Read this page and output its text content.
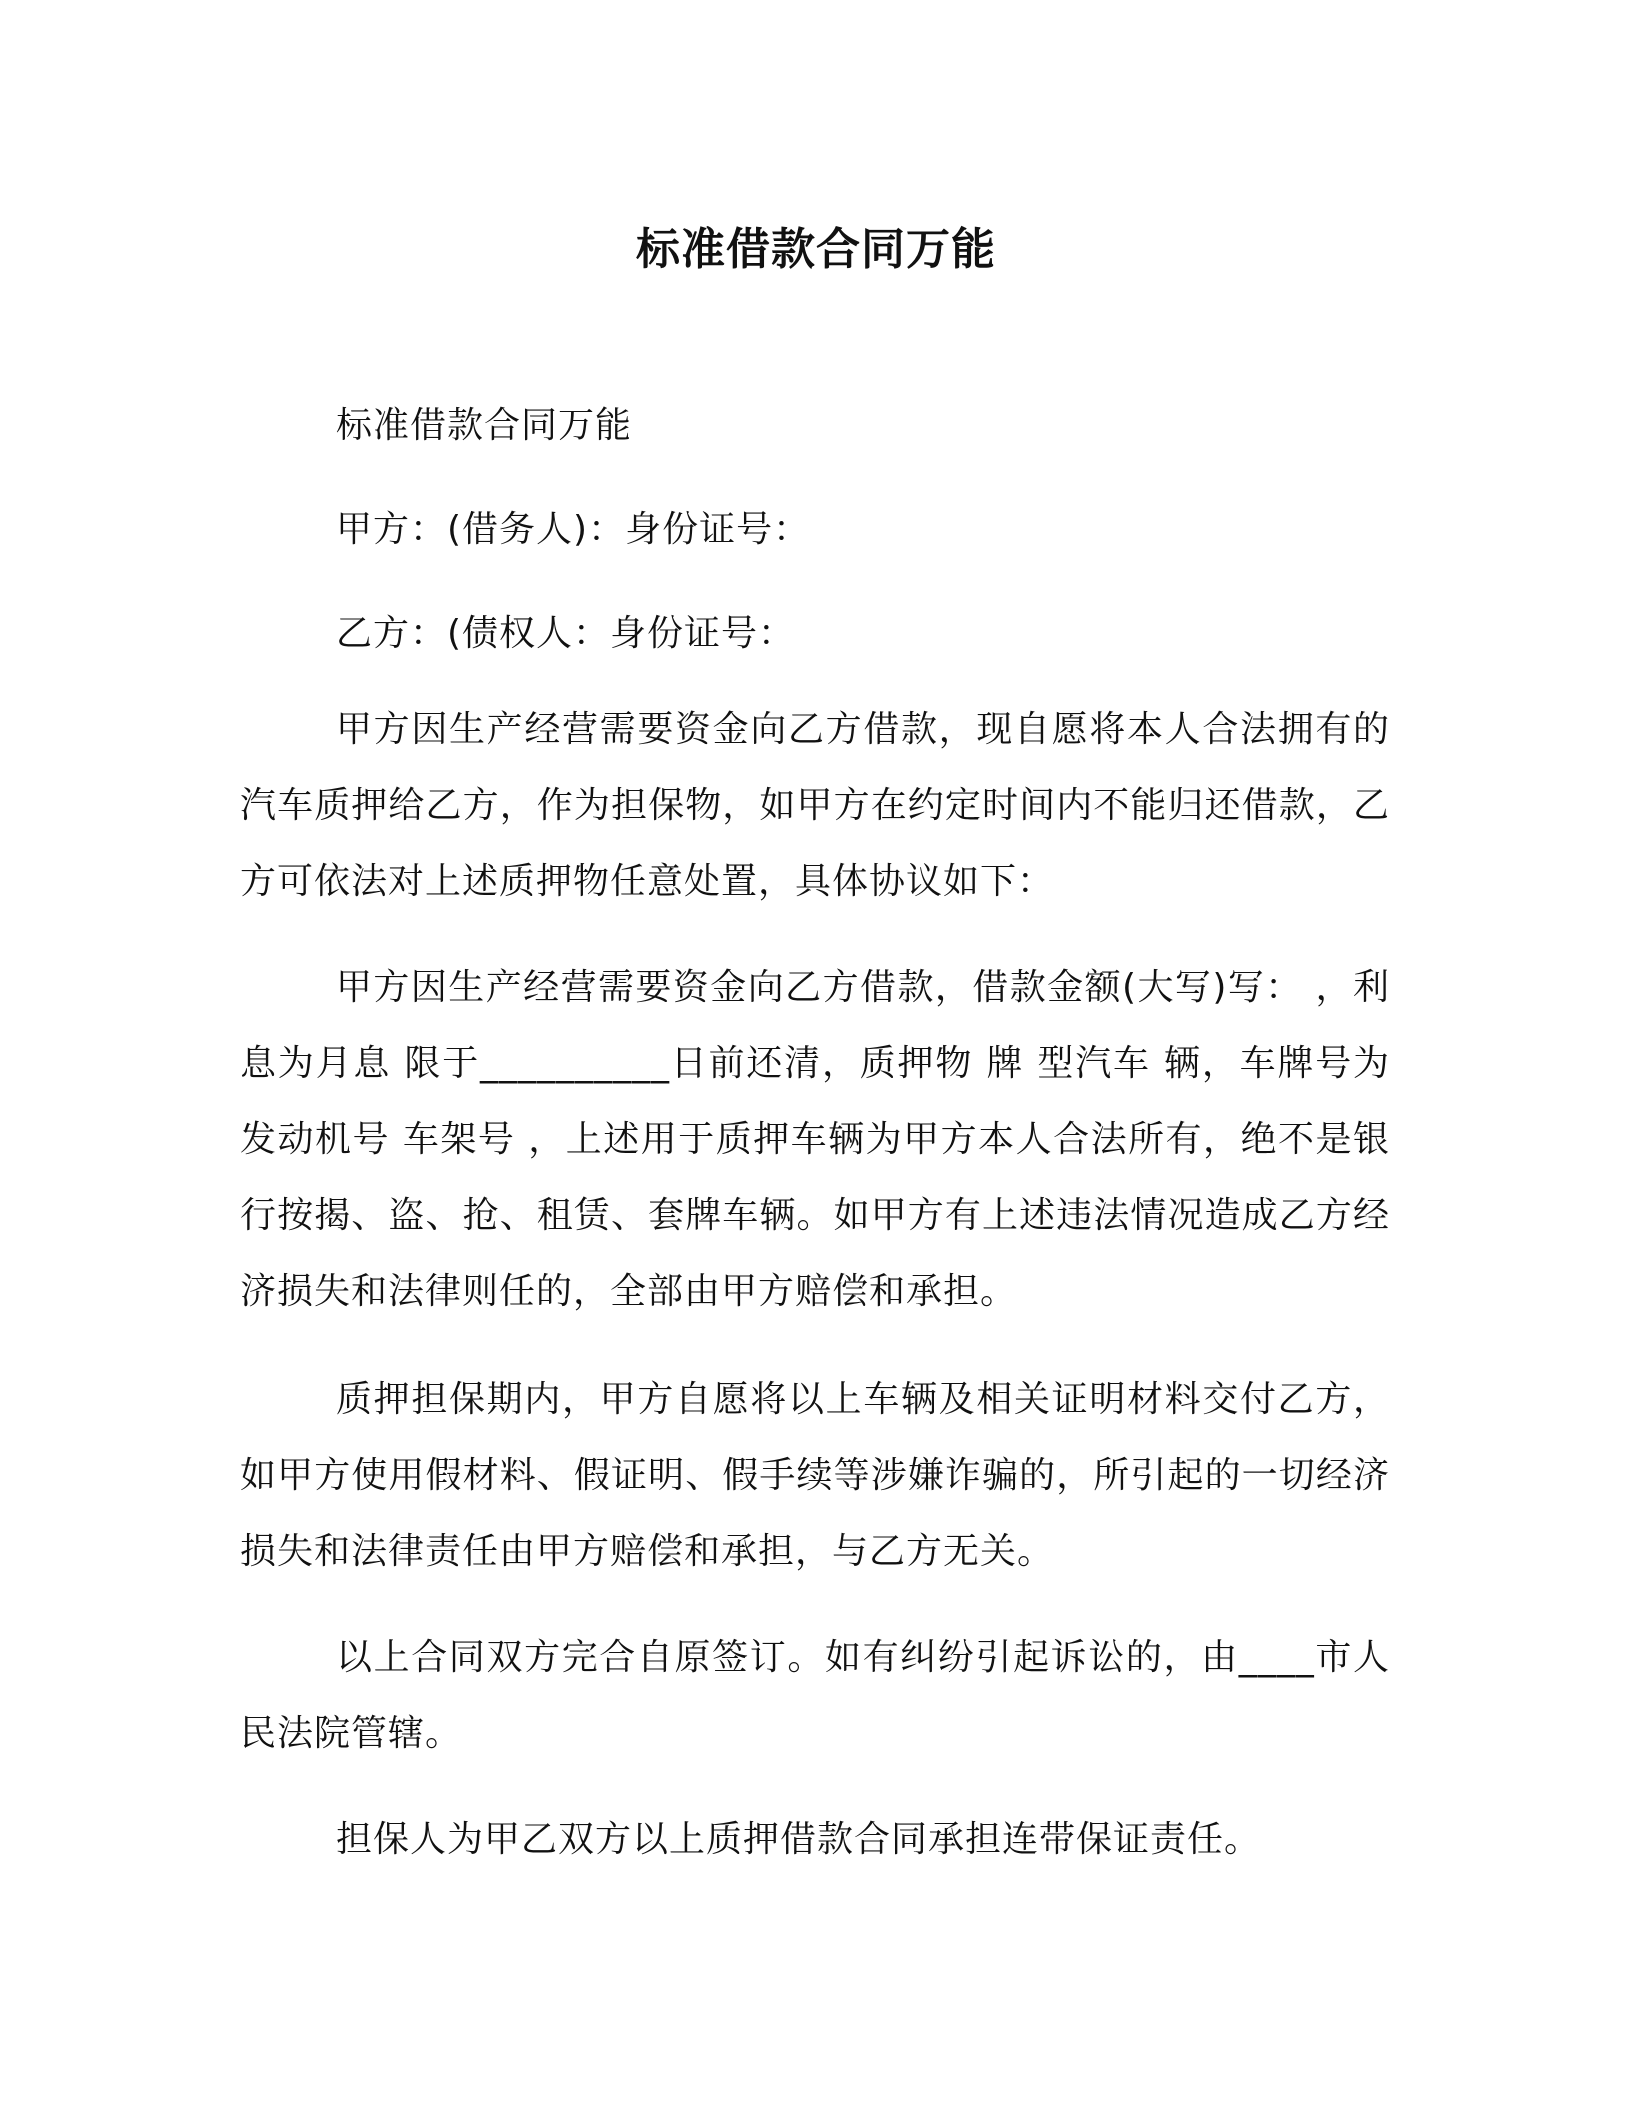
标准借款合同万能

标准借款合同万能

甲方：(借务人)：身份证号：

乙方：(债权人：身份证号：

甲方因生产经营需要资金向乙方借款，现自愿将本人合法拥有的汽车质押给乙方，作为担保物，如甲方在约定时间内不能归还借款，乙方可依法对上述质押物任意处置，具体协议如下：

甲方因生产经营需要资金向乙方借款，借款金额(大写)写： ，利息为月息 限于__________日前还清，质押物 牌 型汽车 辆，车牌号为 发动机号 车架号 ，上述用于质押车辆为甲方本人合法所有，绝不是银行按揭、盗、抢、租赁、套牌车辆。如甲方有上述违法情况造成乙方经济损失和法律则任的，全部由甲方赔偿和承担。

质押担保期内，甲方自愿将以上车辆及相关证明材料交付乙方，如甲方使用假材料、假证明、假手续等涉嫌诈骗的，所引起的一切经济损失和法律责任由甲方赔偿和承担，与乙方无关。

以上合同双方完合自原签订。如有纠纷引起诉讼的，由____市人民法院管辖。

担保人为甲乙双方以上质押借款合同承担连带保证责任。
